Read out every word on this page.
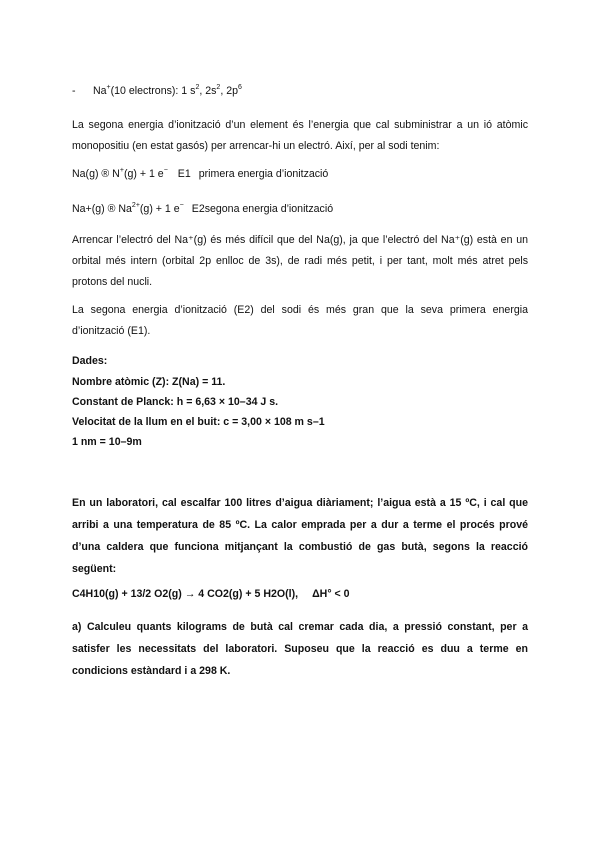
- Na+(10 electrons): 1 $s^2$, $2s^2$, $2p^6$
La segona energia d’ionització d’un element és l’energia que cal subministrar a un ió atòmic monopositiu (en estat gasós) per arrencar-hi un electró. Així, per al sodi tenim:
Na(g) ® N+(g) + 1 e− E1 primera energia d’ionització
Na+(g) ® $Na^{2+}(g) + 1$ e− E2segona energia d’ionització
Arrencar l’electró del Na⁺(g) és més difícil que del Na(g), ja que l’electró del Na⁺(g) està en un orbital més intern (orbital 2p enlloc de 3s), de radi més petit, i per tant, molt més atret pels protons del nucli.
La segona energia d’ionització (E2) del sodi és més gran que la seva primera energia d’ionització (E1).
Dades:
Nombre atòmic (Z): Z(Na) = 11.
Constant de Planck: h = 6,63 × 10–34 J s.
Velocitat de la llum en el buit: c = 3,00 × 108 m s–1
1 nm = 10–9m
En un laboratori, cal escalfar 100 litres d’aigua diàriament; l’aigua està a 15 ºC, i cal que arribi a una temperatura de 85 ºC. La calor emprada per a dur a terme el procés prové d’una caldera que funciona mitjançant la combustió de gas butà, segons la reacció següent:
C4H10(g) + 13/2 O2(g) → 4 CO2(g) + 5 H2O(l), ΔH° < 0
a) Calculeu quants kilograms de butà cal cremar cada dia, a pressió constant, per a satisfer les necessitats del laboratori. Suposeu que la reacció es duu a terme en condicions estàndard i a 298 K.
